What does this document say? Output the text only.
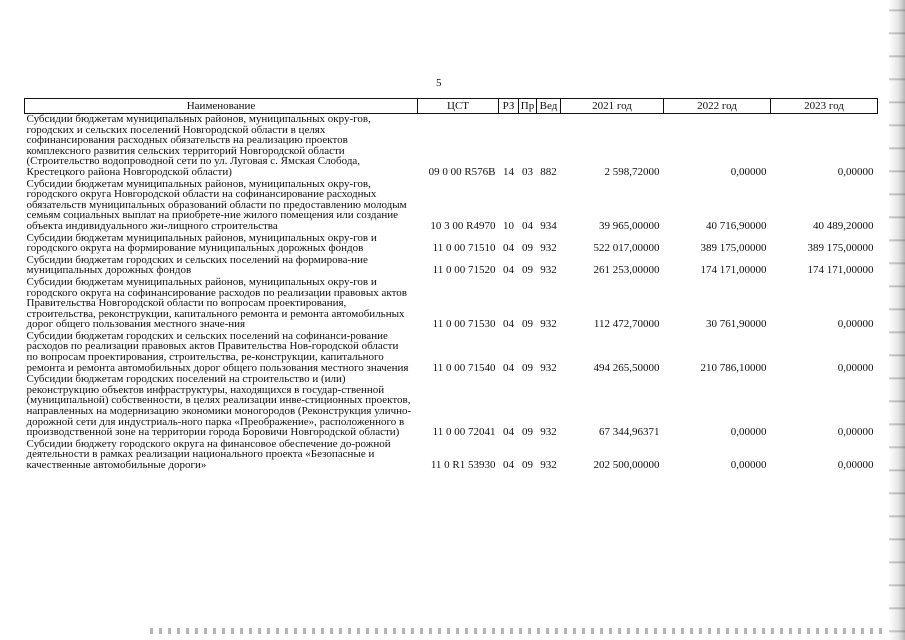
5
Наименование	ЦСТ	РЗ	Пр	Вед	2021 год	2022 год	2023 год
Субсидии бюджетам муниципальных районов, муниципальных окру-гов, городских и сельских поселений Новгородской области в целях софинансирования расходных обязательств на реализацию проектов комплексного развития сельских территорий Новгородской области (Строительство водопроводной сети по ул. Луговая с. Ямская Слобода, Крестецкого района Новгородской области)	09 0 00 R576B	14	03	882	2 598,72000	0,00000	0,00000
Субсидии бюджетам муниципальных районов, муниципальных окру-гов, городского округа Новгородской области на софинансирование расходных обязательств муниципальных образований области по предоставлению молодым семьям социальных выплат на приобрете-ние жилого помещения или создание объекта индивидуального жи-лищного строительства	10 3 00 R4970	10	04	934	39 965,00000	40 716,90000	40 489,20000
Субсидии бюджетам муниципальных районов, муниципальных окру-гов и городского округа на формирование муниципальных дорожных фондов	11 0 00 71510	04	09	932	522 017,00000	389 175,00000	389 175,00000
Субсидии бюджетам городских и сельских поселений на формирова-ние муниципальных дорожных фондов	11 0 00 71520	04	09	932	261 253,00000	174 171,00000	174 171,00000
Субсидии бюджетам муниципальных районов, муниципальных окру-гов и городского округа на софинансирование расходов по реализации правовых актов Правительства Новгородской области по вопросам проектирования, строительства, реконструкции, капитального ремонта и ремонта автомобильных дорог общего пользования местного значе-ния	11 0 00 71530	04	09	932	112 472,70000	30 761,90000	0,00000
Субсидии бюджетам городских и сельских поселений на софинанси-рование расходов по реализации правовых актов Правительства Нов-городской области по вопросам проектирования, строительства, ре-конструкции, капитального ремонта и ремонта автомобильных дорог общего пользования местного значения	11 0 00 71540	04	09	932	494 265,50000	210 786,10000	0,00000
Субсидии бюджетам городских поселений на строительство и (или) реконструкцию объектов инфраструктуры, находящихся в государ-ственной (муниципальной) собственности, в целях реализации инве-стиционных проектов, направленных на модернизацию экономики моногородов (Реконструкция улично-дорожной сети для индустриаль-ного парка «Преображение», расположенного в производственной зоне на территории города Боровичи Новгородской области)	11 0 00 72041	04	09	932	67 344,96371	0,00000	0,00000
Субсидии бюджету городского округа на финансовое обеспечение до-рожной деятельности в рамках реализации национального проекта «Безопасные и качественные автомобильные дороги»	11 0 R1 53930	04	09	932	202 500,00000	0,00000	0,00000
